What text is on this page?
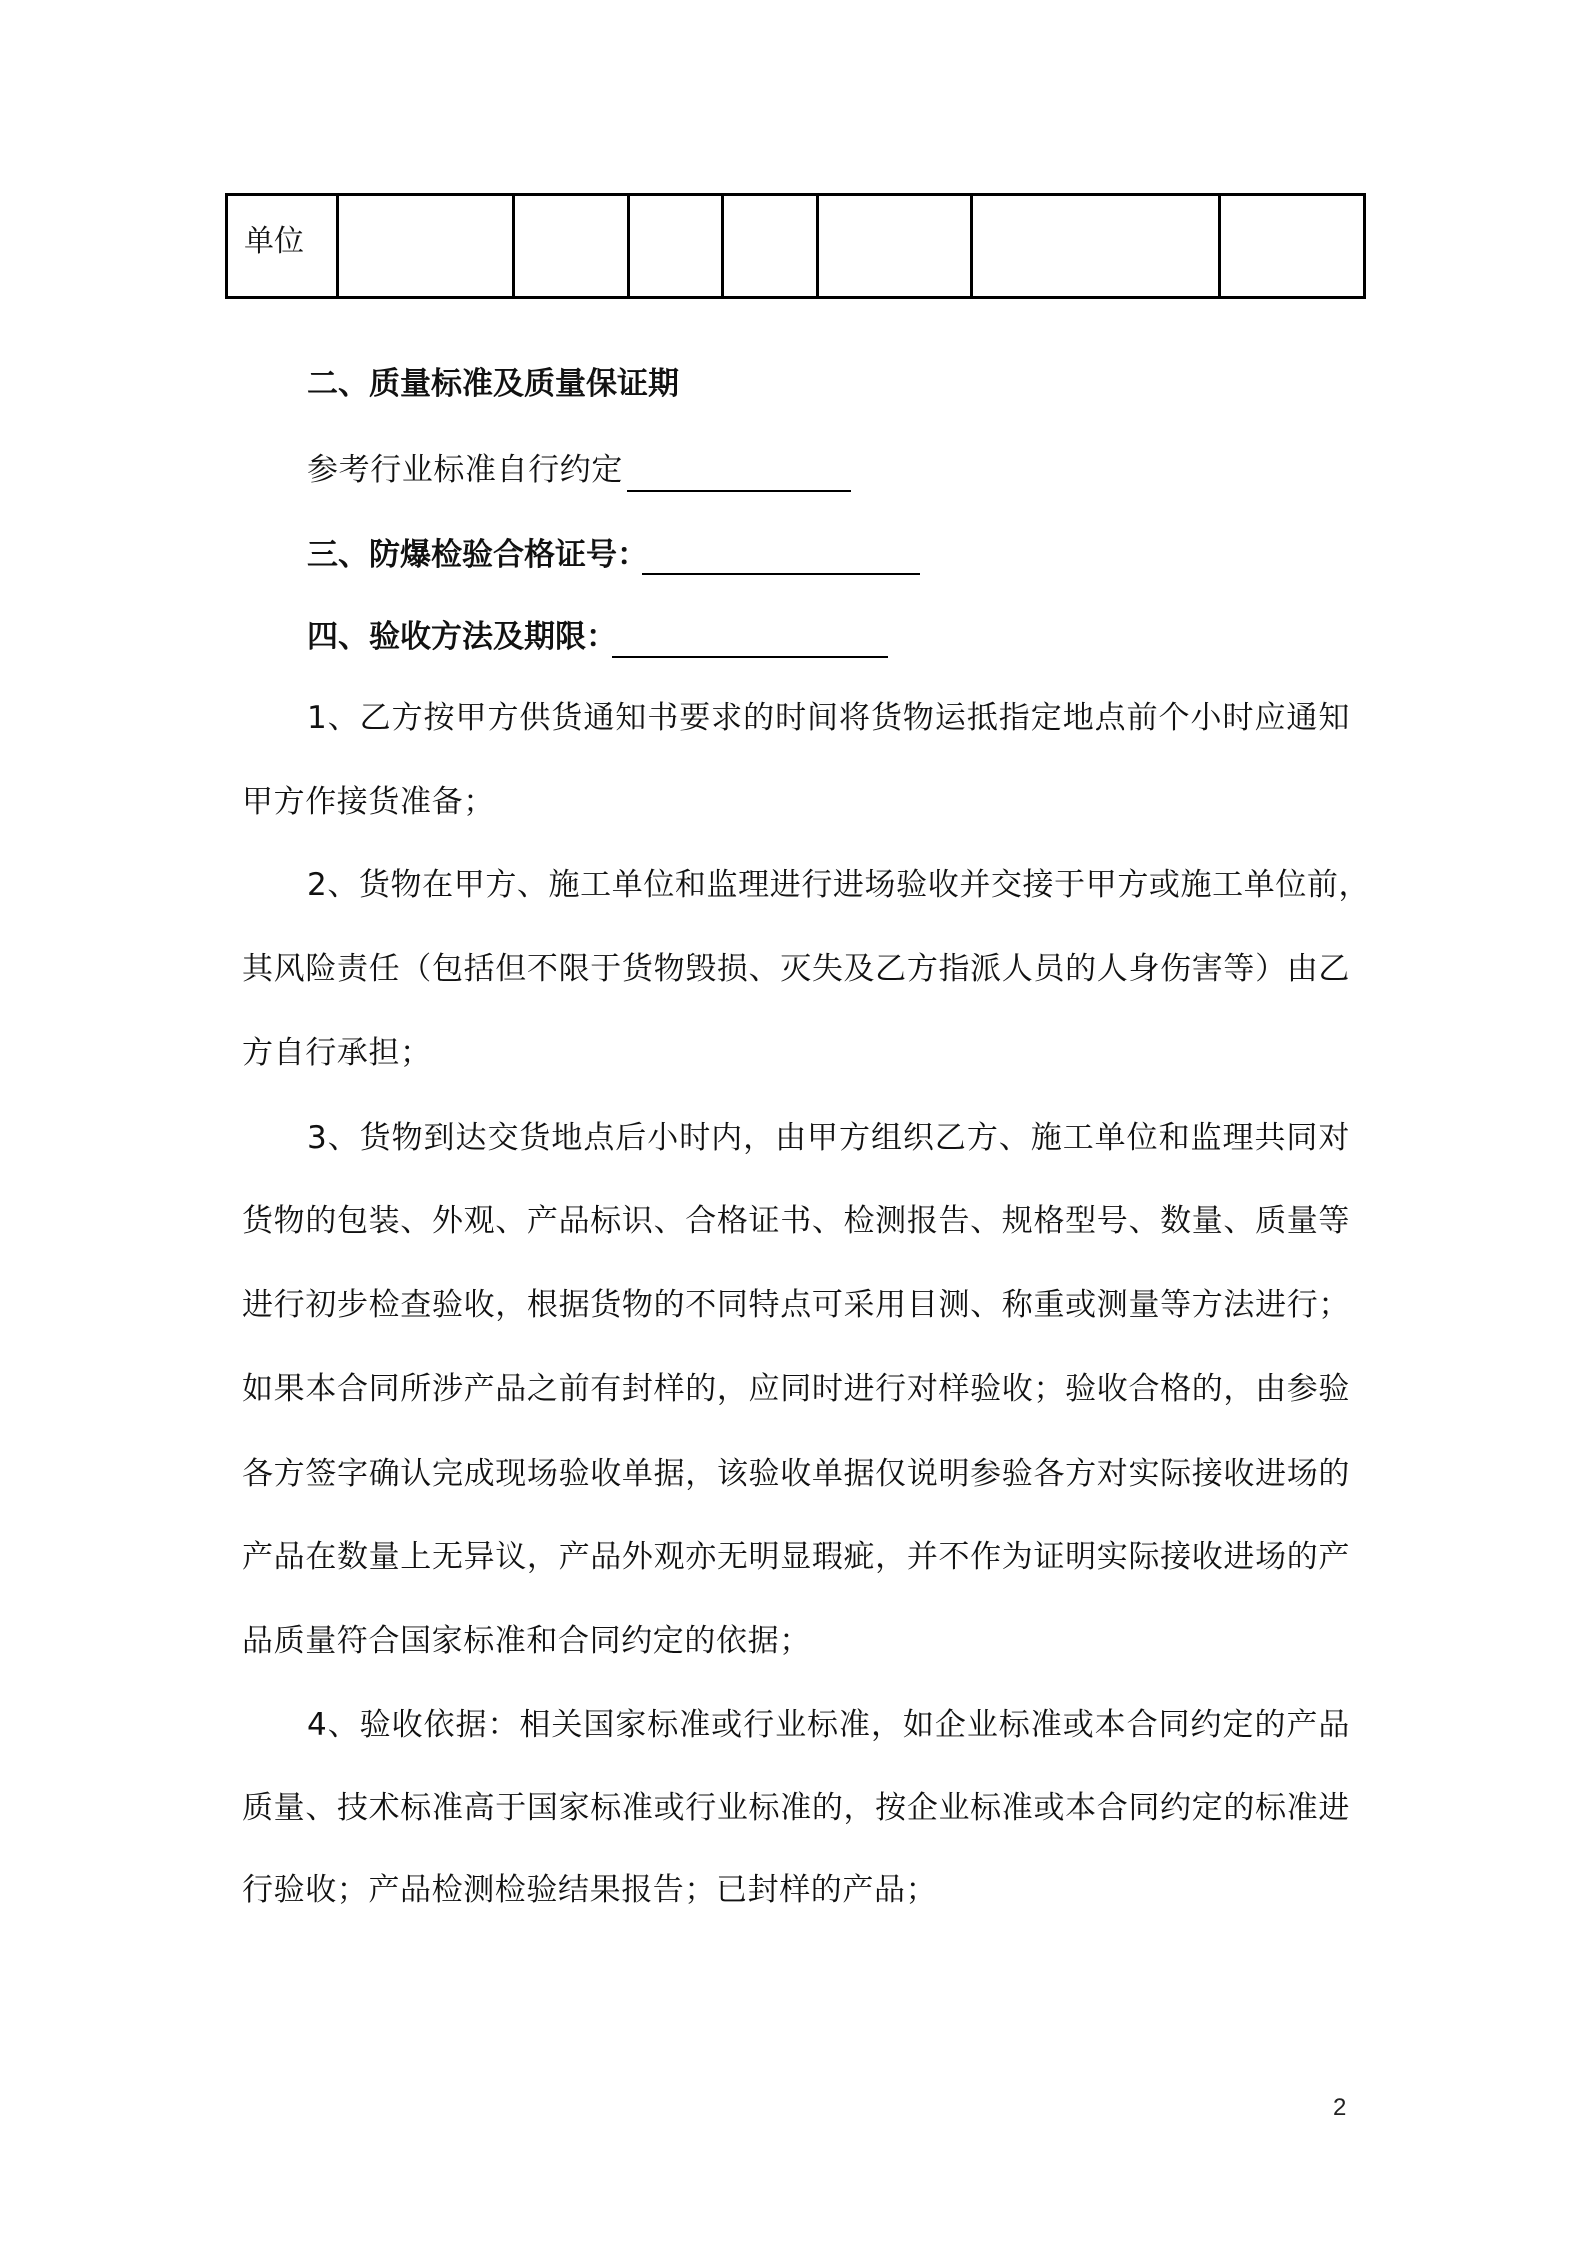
单位							
二、质量标准及质量保证期
参考行业标准自行约定
三、防爆检验合格证号：
四、验收方法及期限：
1、乙方按甲方供货通知书要求的时间将货物运抵指定地点前个小时应通知
甲方作接货准备；
2、货物在甲方、施工单位和监理进行进场验收并交接于甲方或施工单位前，
其风险责任（包括但不限于货物毁损、灭失及乙方指派人员的人身伤害等）由乙
方自行承担；
3、货物到达交货地点后小时内，由甲方组织乙方、施工单位和监理共同对
货物的包装、外观、产品标识、合格证书、检测报告、规格型号、数量、质量等
进行初步检查验收，根据货物的不同特点可采用目测、称重或测量等方法进行；
如果本合同所涉产品之前有封样的，应同时进行对样验收；验收合格的，由参验
各方签字确认完成现场验收单据，该验收单据仅说明参验各方对实际接收进场的
产品在数量上无异议，产品外观亦无明显瑕疵，并不作为证明实际接收进场的产
品质量符合国家标准和合同约定的依据；
4、验收依据：相关国家标准或行业标准，如企业标准或本合同约定的产品
质量、技术标准高于国家标准或行业标准的，按企业标准或本合同约定的标准进
行验收；产品检测检验结果报告；已封样的产品；
2
